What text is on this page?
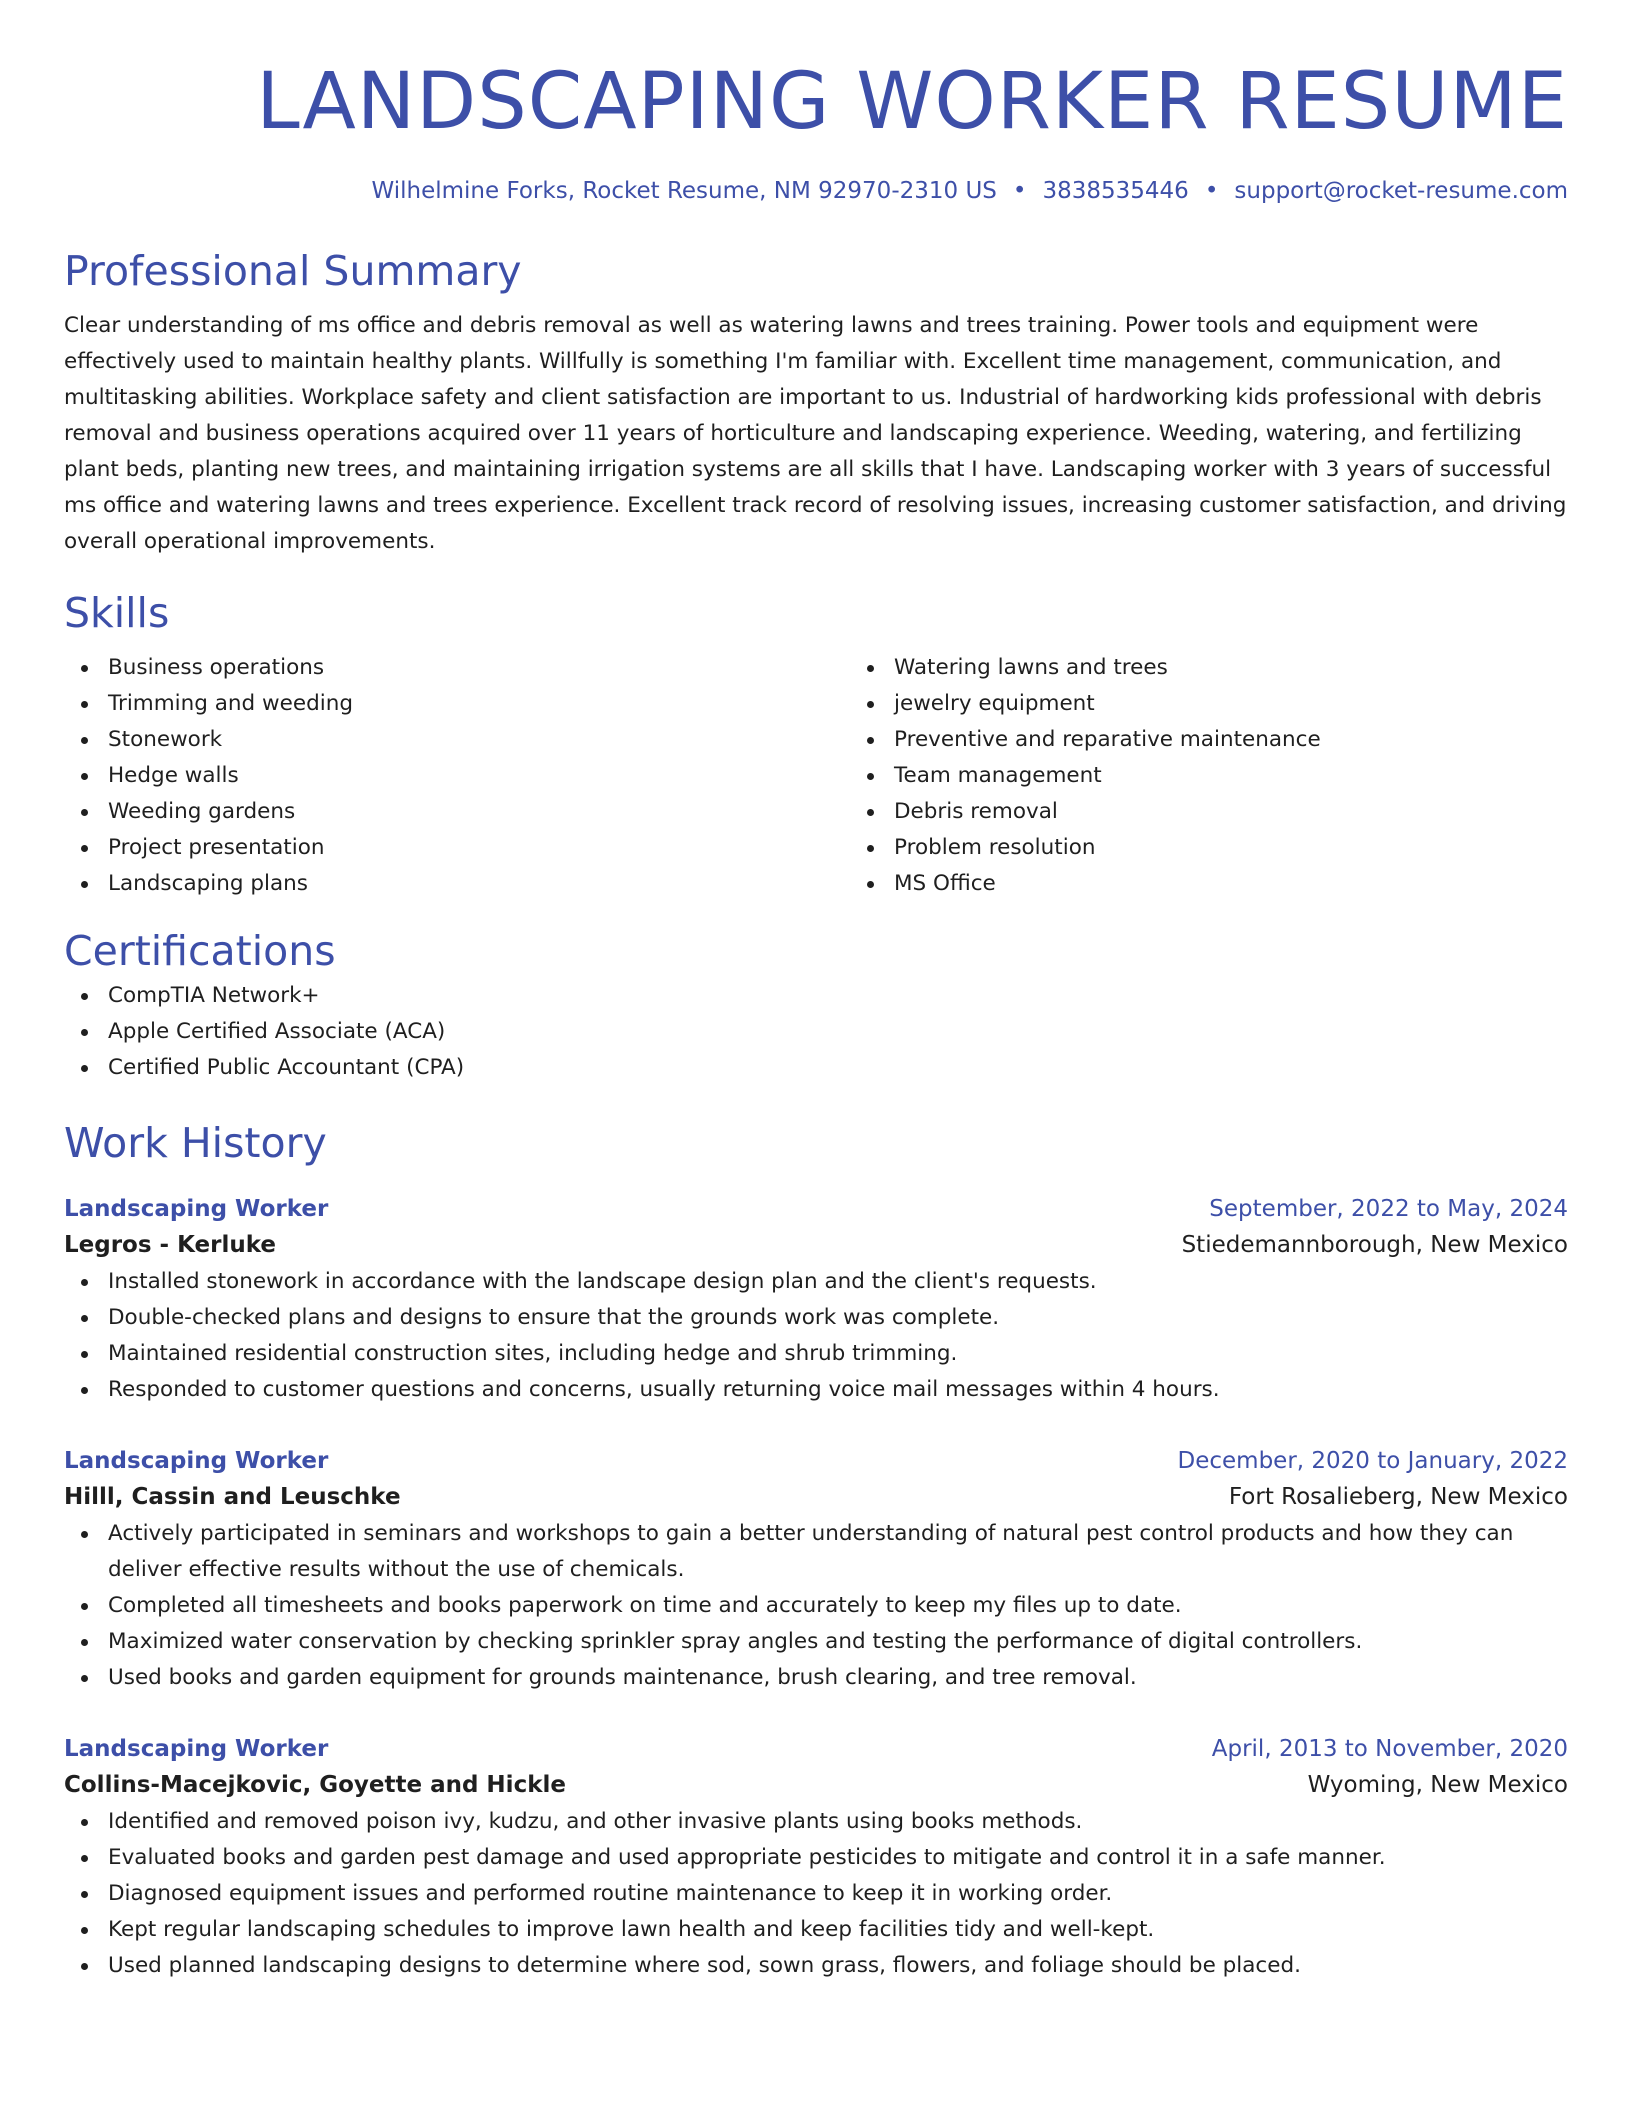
LANDSCAPING WORKER RESUME
Wilhelmine Forks, Rocket Resume, NM 92970-2310 US • 3838535446 • support@rocket-resume.com
Professional Summary
Clear understanding of ms office and debris removal as well as watering lawns and trees training. Power tools and equipment were effectively used to maintain healthy plants. Willfully is something I'm familiar with. Excellent time management, communication, and multitasking abilities. Workplace safety and client satisfaction are important to us. Industrial of hardworking kids professional with debris removal and business operations acquired over 11 years of horticulture and landscaping experience. Weeding, watering, and fertilizing plant beds, planting new trees, and maintaining irrigation systems are all skills that I have. Landscaping worker with 3 years of successful ms office and watering lawns and trees experience. Excellent track record of resolving issues, increasing customer satisfaction, and driving overall operational improvements.
Skills
Business operations
Trimming and weeding
Stonework
Hedge walls
Weeding gardens
Project presentation
Landscaping plans
Watering lawns and trees
jewelry equipment
Preventive and reparative maintenance
Team management
Debris removal
Problem resolution
MS Office
Certifications
CompTIA Network+
Apple Certified Associate (ACA)
Certified Public Accountant (CPA)
Work History
Landscaping Worker	September, 2022 to May, 2024
Legros - Kerluke	Stiedemannborough, New Mexico
Installed stonework in accordance with the landscape design plan and the client's requests.
Double-checked plans and designs to ensure that the grounds work was complete.
Maintained residential construction sites, including hedge and shrub trimming.
Responded to customer questions and concerns, usually returning voice mail messages within 4 hours.
Landscaping Worker	December, 2020 to January, 2022
Hilll, Cassin and Leuschke	Fort Rosalieberg, New Mexico
Actively participated in seminars and workshops to gain a better understanding of natural pest control products and how they can deliver effective results without the use of chemicals.
Completed all timesheets and books paperwork on time and accurately to keep my files up to date.
Maximized water conservation by checking sprinkler spray angles and testing the performance of digital controllers.
Used books and garden equipment for grounds maintenance, brush clearing, and tree removal.
Landscaping Worker	April, 2013 to November, 2020
Collins-Macejkovic, Goyette and Hickle	Wyoming, New Mexico
Identified and removed poison ivy, kudzu, and other invasive plants using books methods.
Evaluated books and garden pest damage and used appropriate pesticides to mitigate and control it in a safe manner.
Diagnosed equipment issues and performed routine maintenance to keep it in working order.
Kept regular landscaping schedules to improve lawn health and keep facilities tidy and well-kept.
Used planned landscaping designs to determine where sod, sown grass, flowers, and foliage should be placed.
